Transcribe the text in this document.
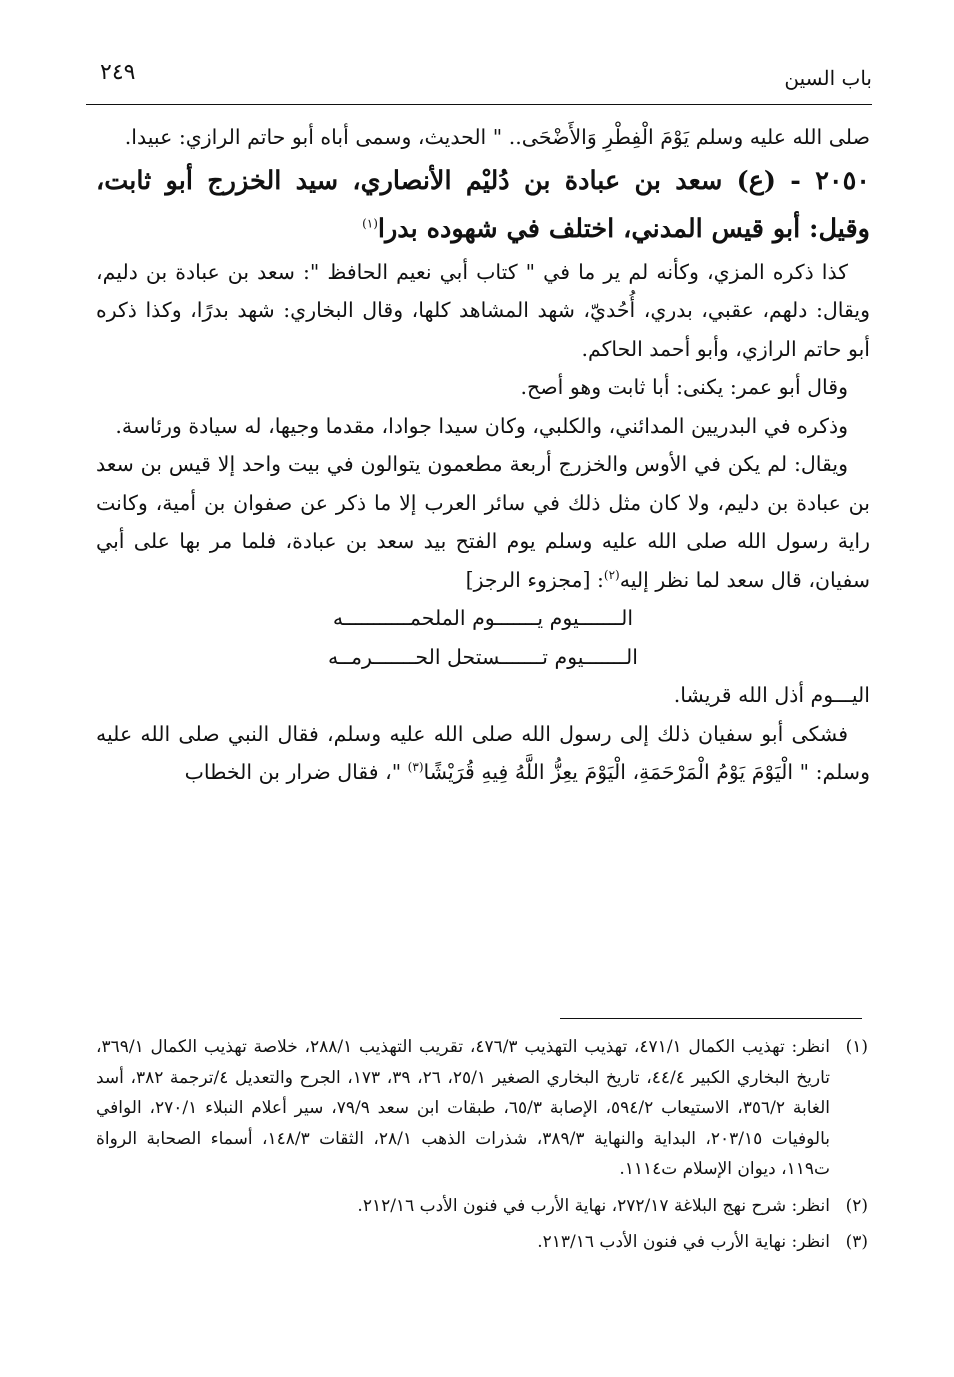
٢٤٩	باب السين

صلى الله عليه وسلم يَوْمَ الْفِطْرِ وَالأَضْحَى.. " الحديث، وسمى أباه أبو حاتم الرازي: عبيدا.

٢٠٥٠ - (ع) سعد بن عبادة بن دُليْم الأنصاري، سيد الخزرج أبو ثابت، وقيل: أبو قيس المدني، اختلف في شهوده بدرا$^{(١)}$

كذا ذكره المزي، وكأنه لم ير ما في " كتاب أبي نعيم الحافظ ": سعد بن عبادة بن دليم، ويقال: دلهم، عقبي، بدري، أُحُديّ، شهد المشاهد كلها، وقال البخاري: شهد بدرًا، وكذا ذكره أبو حاتم الرازي، وأبو أحمد الحاكم.

وقال أبو عمر: يكنى: أبا ثابت وهو أصح.

وذكره في البدريين المدائني، والكلبي، وكان سيدا جوادا، مقدما وجيها، له سيادة ورئاسة.

ويقال: لم يكن في الأوس والخزرج أربعة مطعمون يتوالون في بيت واحد إلا قيس بن سعد بن عبادة بن دليم، ولا كان مثل ذلك في سائر العرب إلا ما ذكر عن صفوان بن أمية، وكانت راية رسول الله صلى الله عليه وسلم يوم الفتح بيد سعد بن عبادة، فلما مر بها على أبي سفيان، قال سعد لما نظر إليه$^{(٢)}$: [مجزوء الرجز]

الـــــــيوم يـــــــوم الملحمـــــــــــه
الـــــــيوم تـــــــستحل الحـــــــرمــه

اليـــوم أذل الله قريشا.

فشكى أبو سفيان ذلك إلى رسول الله صلى الله عليه وسلم، فقال النبي صلى الله عليه وسلم: " الْيَوْمَ يَوْمُ الْمَرْحَمَةِ، الْيَوْمَ يعِزُّ اللَّهُ فِيهِ قُرَيْشًا$^{(٣)}$ "، فقال ضرار بن الخطاب

(١)
انظر: تهذيب الكمال ٤٧١/١، تهذيب التهذيب ٤٧٦/٣، تقريب التهذيب ٢٨٨/١، خلاصة تهذيب الكمال ٣٦٩/١، تاريخ البخاري الكبير ٤٤/٤، تاريخ البخاري الصغير ٢٥/١، ٢٦، ٣٩، ١٧٣، الجرح والتعديل ٤/ترجمة ٣٨٢، أسد الغابة ٣٥٦/٢، الاستيعاب ٥٩٤/٢، الإصابة ٦٥/٣، طبقات ابن سعد ٧٩/٩، سير أعلام النبلاء ٢٧٠/١، الوافي بالوفيات ٢٠٣/١٥، البداية والنهاية ٣٨٩/٣، شذرات الذهب ٢٨/١، الثقات ١٤٨/٣، أسماء الصحابة الرواة ت١١٩، ديوان الإسلام ت١١١٤.

(٢)
انظر: شرح نهج البلاغة ٢٧٢/١٧، نهاية الأرب في فنون الأدب ٢١٢/١٦.

(٣)
انظر: نهاية الأرب في فنون الأدب ٢١٣/١٦.
